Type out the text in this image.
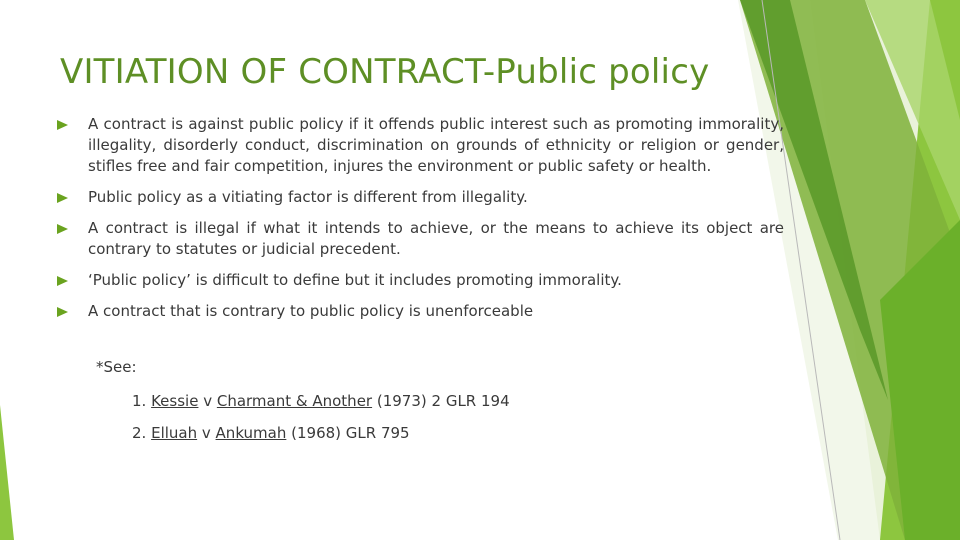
VITIATION OF CONTRACT-Public policy
A contract is against public policy if it offends public interest such as promoting immorality, illegality, disorderly conduct, discrimination on grounds of ethnicity or religion or gender, stifles free and fair competition, injures the environment or public safety or health.
Public policy as a vitiating factor is different from illegality.
A contract is illegal if what it intends to achieve, or the means to achieve its object are contrary to statutes or judicial precedent.
‘Public policy’ is difficult to define but it includes promoting immorality.
A contract that is contrary to public policy is unenforceable

*See:

1. Kessie v Charmant & Another (1973) 2 GLR 194
2. Elluah v Ankumah (1968) GLR 795
